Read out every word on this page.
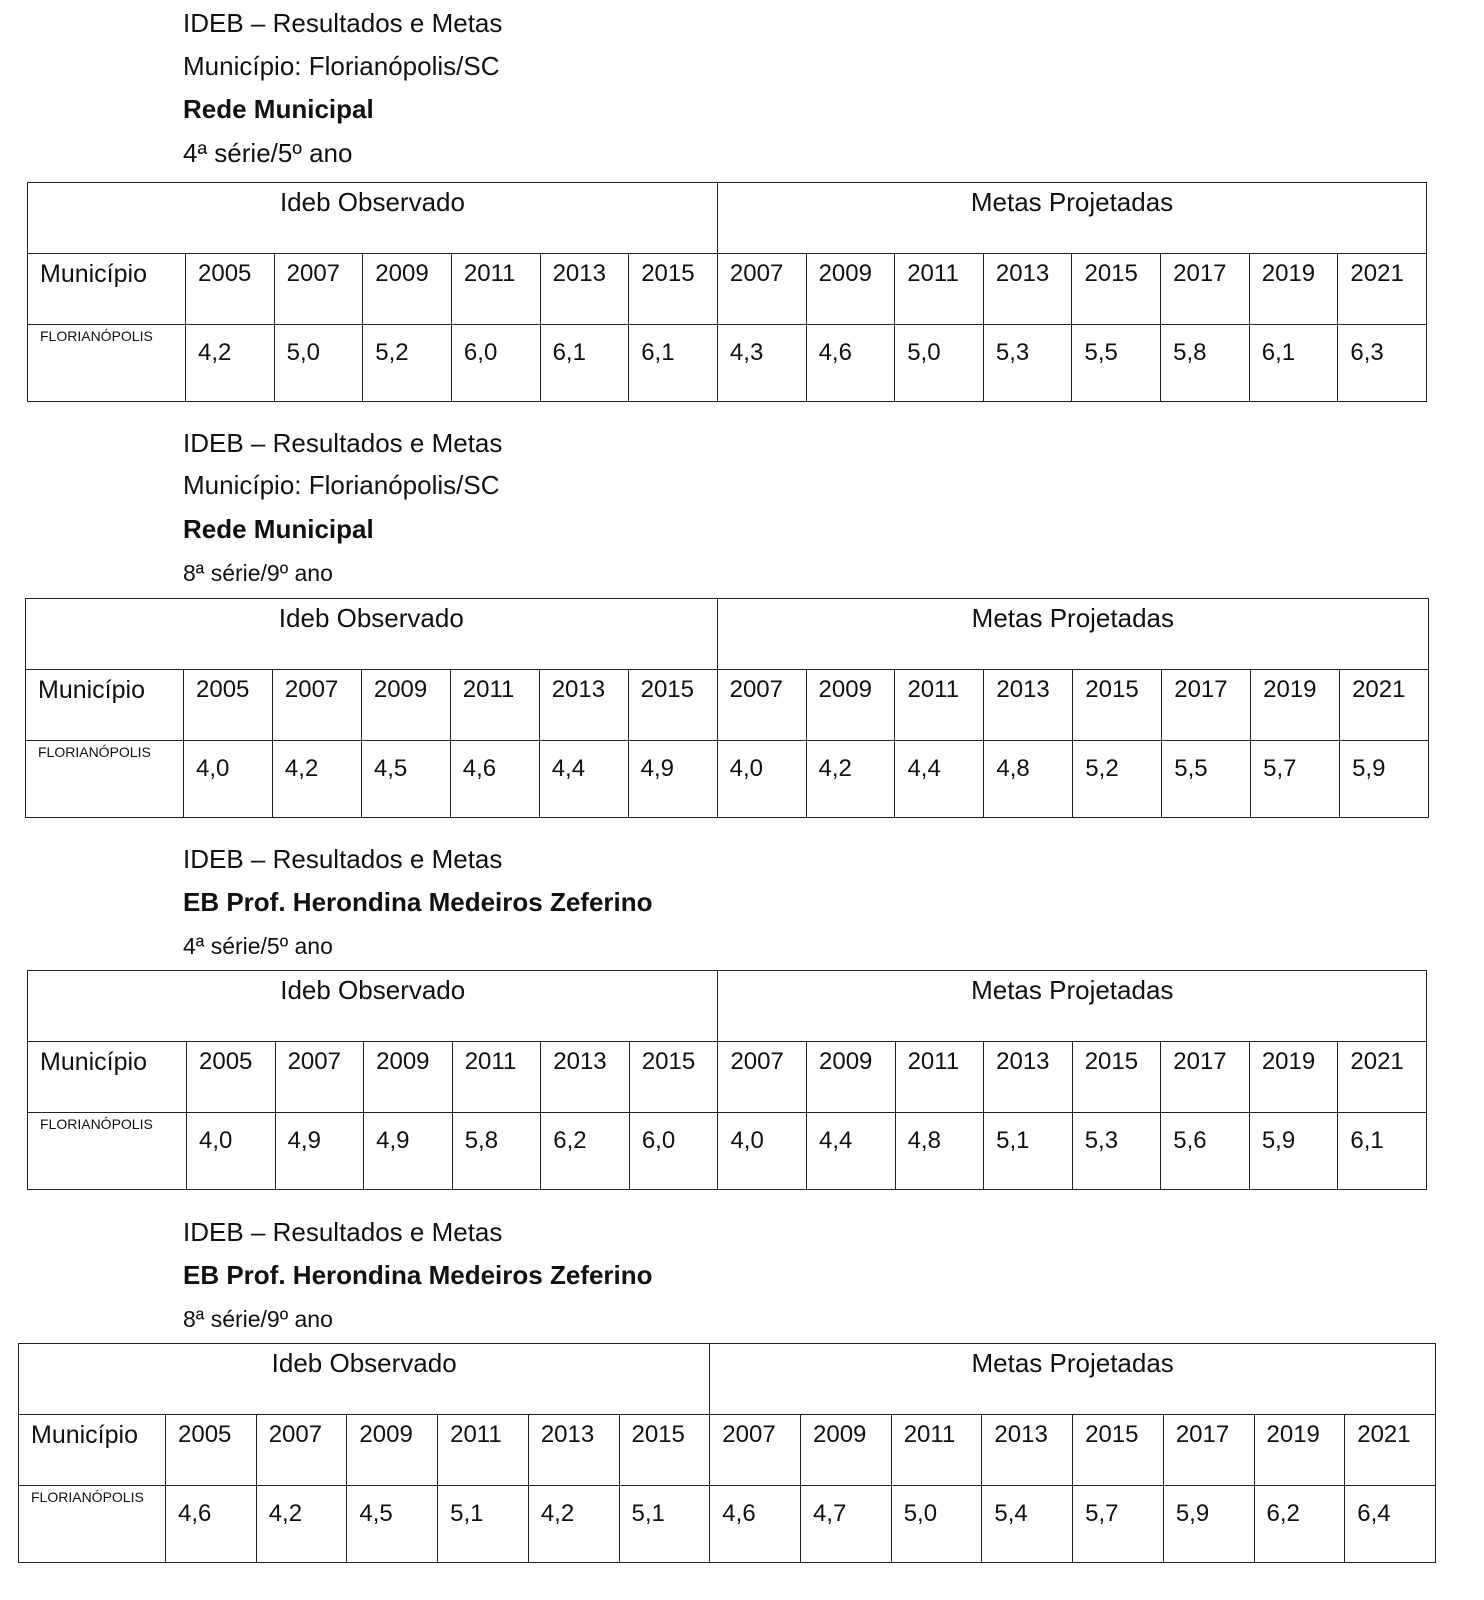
IDEB – Resultados e Metas
Município: Florianópolis/SC
Rede Municipal
4ª série/5º ano
Ideb Observado							Metas Projetadas							
Município	2005	2007	2009	2011	2013	2015	2007	2009	2011	2013	2015	2017	2019	2021
FLORIANÓPOLIS	4,2	5,0	5,2	6,0	6,1	6,1	4,3	4,6	5,0	5,3	5,5	5,8	6,1	6,3
IDEB – Resultados e Metas
Município: Florianópolis/SC
Rede Municipal
8ª série/9º ano
Ideb Observado							Metas Projetadas							
Município	2005	2007	2009	2011	2013	2015	2007	2009	2011	2013	2015	2017	2019	2021
FLORIANÓPOLIS	4,0	4,2	4,5	4,6	4,4	4,9	4,0	4,2	4,4	4,8	5,2	5,5	5,7	5,9
IDEB – Resultados e Metas
EB Prof. Herondina Medeiros Zeferino
4ª série/5º ano
Ideb Observado							Metas Projetadas							
Município	2005	2007	2009	2011	2013	2015	2007	2009	2011	2013	2015	2017	2019	2021
FLORIANÓPOLIS	4,0	4,9	4,9	5,8	6,2	6,0	4,0	4,4	4,8	5,1	5,3	5,6	5,9	6,1
IDEB – Resultados e Metas
EB Prof. Herondina Medeiros Zeferino
8ª série/9º ano
Ideb Observado							Metas Projetadas							
Município	2005	2007	2009	2011	2013	2015	2007	2009	2011	2013	2015	2017	2019	2021
FLORIANÓPOLIS	4,6	4,2	4,5	5,1	4,2	5,1	4,6	4,7	5,0	5,4	5,7	5,9	6,2	6,4
